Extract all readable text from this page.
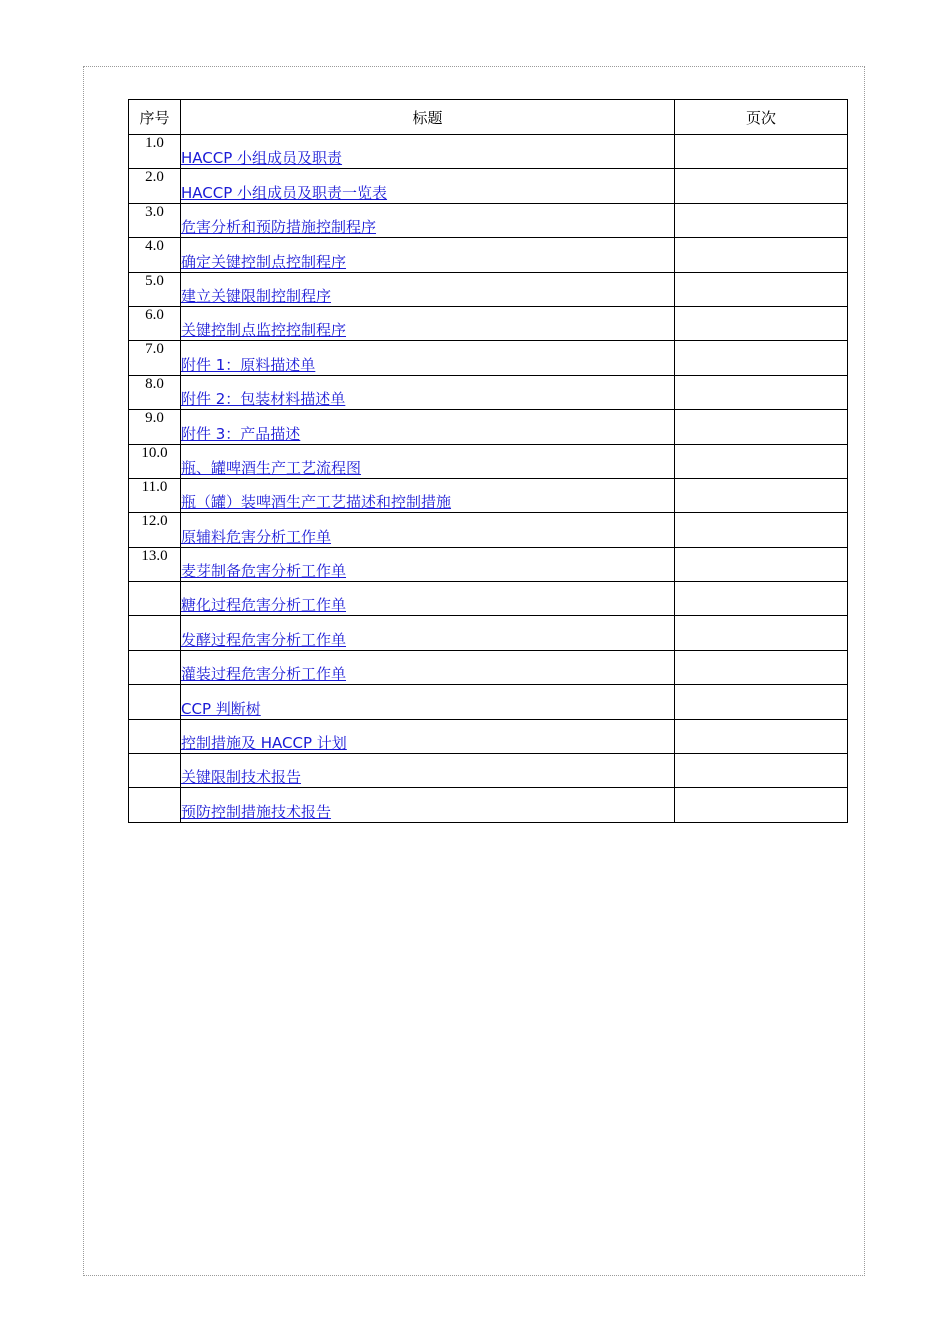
序号	标题	页次
1.0	HACCP 小组成员及职责	
2.0	HACCP 小组成员及职责一览表	
3.0	危害分析和预防措施控制程序	
4.0	确定关键控制点控制程序	
5.0	建立关键限制控制程序	
6.0	关键控制点监控控制程序	
7.0	附件 1：原料描述单	
8.0	附件 2：包装材料描述单	
9.0	附件 3：产品描述	
10.0	瓶、罐啤酒生产工艺流程图	
11.0	瓶（罐）装啤酒生产工艺描述和控制措施	
12.0	原辅料危害分析工作单	
13.0	麦芽制备危害分析工作单	
	糖化过程危害分析工作单	
	发酵过程危害分析工作单	
	灌装过程危害分析工作单	
	CCP 判断树	
	控制措施及 HACCP 计划	
	关键限制技术报告	
	预防控制措施技术报告	
